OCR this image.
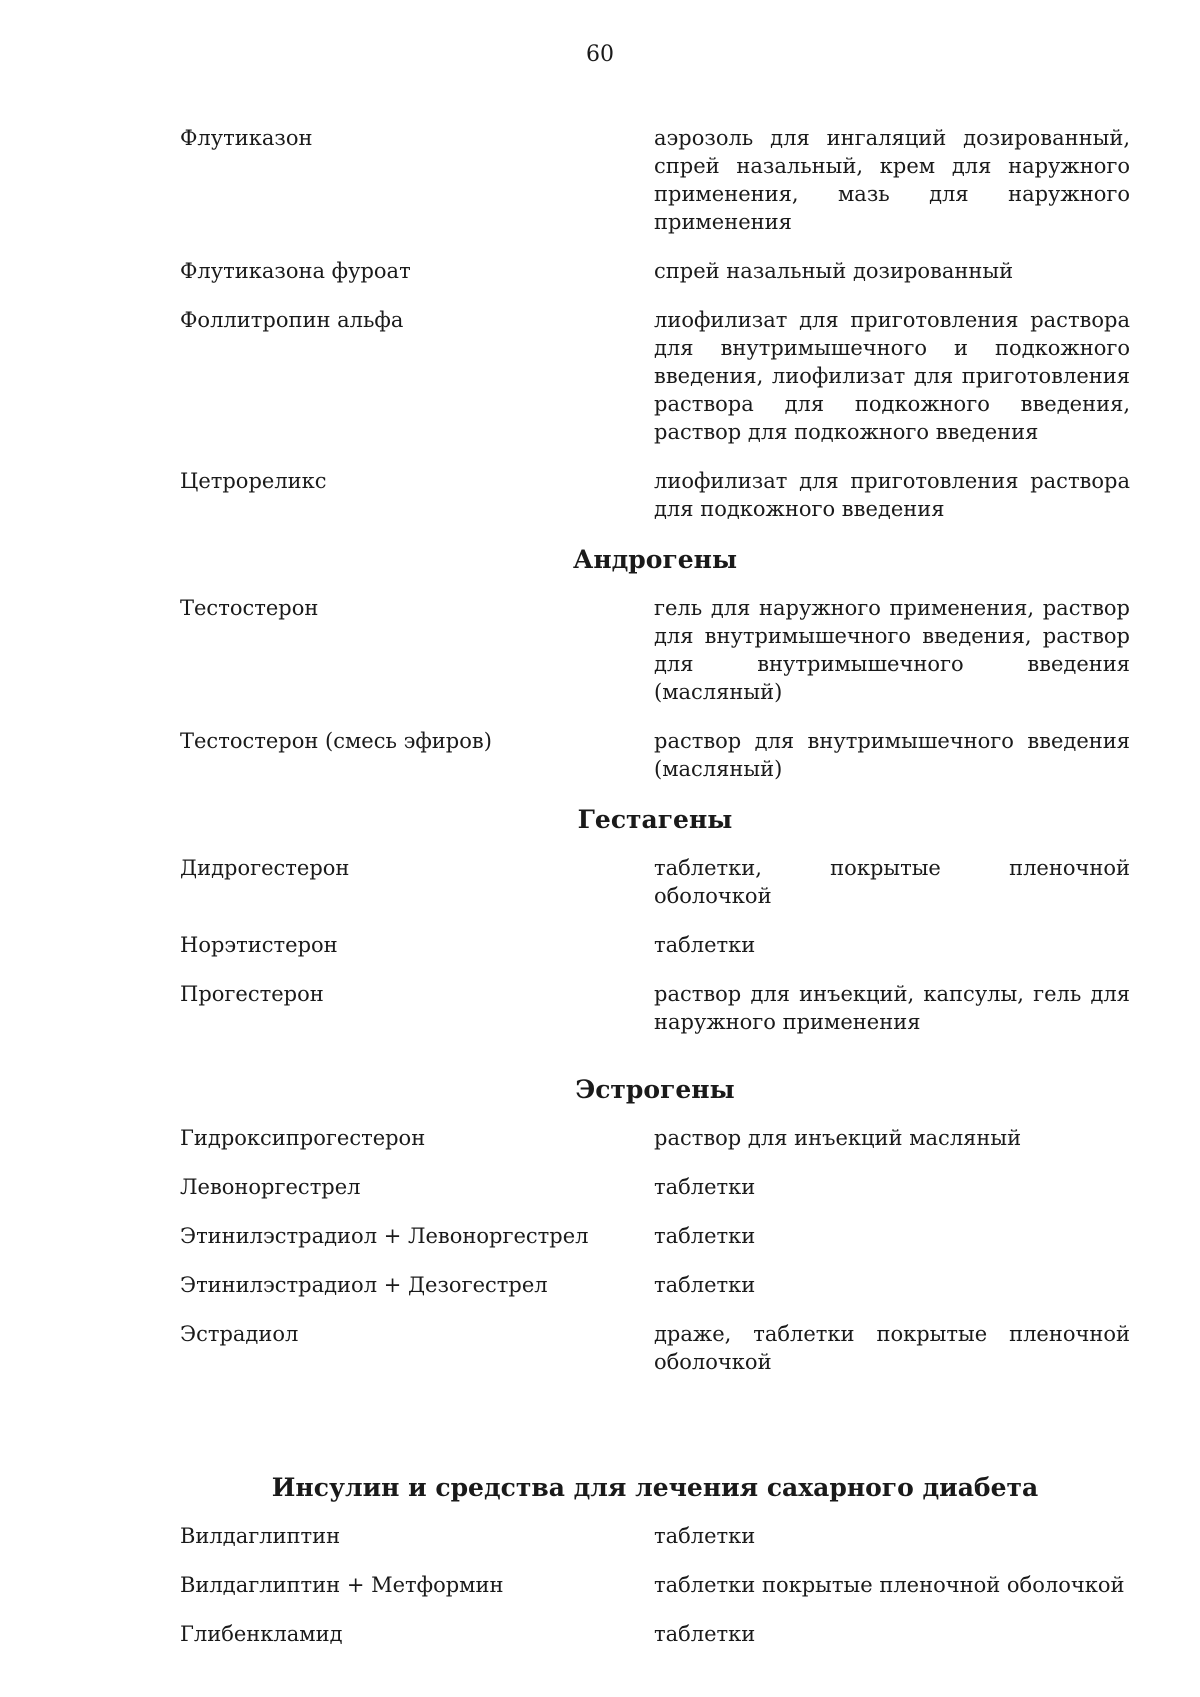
60
Флутиказон	аэрозоль для ингаляций дозированный, спрей назальный, крем для наружного применения, мазь для наружного применения
Флутиказона фуроат	спрей назальный дозированный
Фоллитропин альфа	лиофилизат для приготовления раствора для внутримышечного и подкожного введения, лиофилизат для приготовления раствора для подкожного введения, раствор для подкожного введения
Цетрореликс	лиофилизат для приготовления раствора для подкожного введения
Андрогены
Тестостерон	гель для наружного применения, раствор для внутримышечного введения, раствор для внутримышечного введения (масляный)
Тестостерон (смесь эфиров)	раствор для внутримышечного введения (масляный)
Гестагены
Дидрогестерон	таблетки, покрытые пленочной оболочкой
Норэтистерон	таблетки
Прогестерон	раствор для инъекций, капсулы, гель для наружного применения
Эстрогены
Гидроксипрогестерон	раствор для инъекций масляный
Левоноргестрел	таблетки
Этинилэстрадиол + Левоноргестрел	таблетки
Этинилэстрадиол + Дезогестрел	таблетки
Эстрадиол	драже, таблетки покрытые пленочной оболочкой
Инсулин и средства для лечения сахарного диабета
Вилдаглиптин	таблетки
Вилдаглиптин + Метформин	таблетки покрытые пленочной оболочкой
Глибенкламид	таблетки
